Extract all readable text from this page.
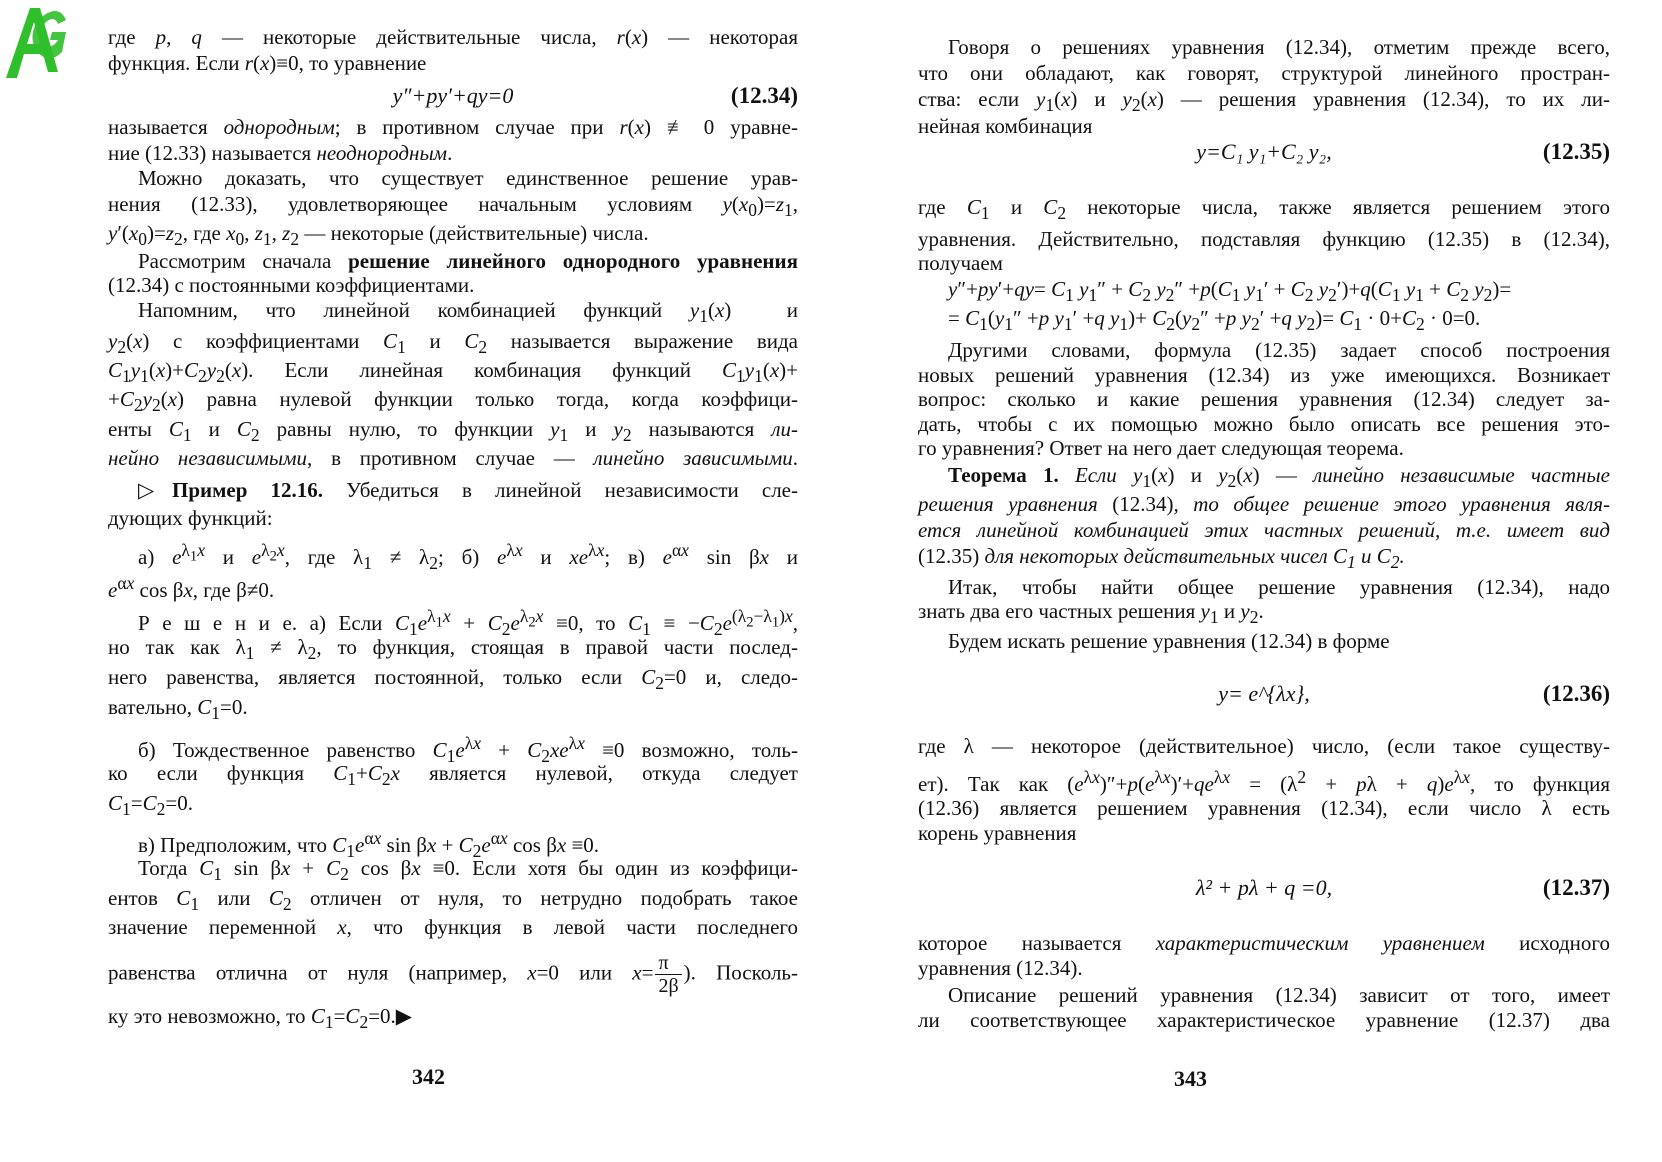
где p, q — некоторые действительные числа, r(x) — некоторая
функция. Если r(x)≡0, то уравнение
y″+py′+qy=0	(12.34)
называется однородным; в противном случае при r(x) ≢ 0 уравне-
ние (12.33) называется неоднородным.
Можно доказать, что существует единственное решение урав-
нения (12.33), удовлетворяющее начальным условиям $y(x_0)=z_1$,
$y'(x_0)=z_2$, где $x_0$, $z_1$, $z_2$ — некоторые (действительные) числа.
Рассмотрим сначала решение линейного однородного уравнения
(12.34) с постоянными коэффициентами.
Напомним, что линейной комбинацией функций $y_1(x)$  и
$y_2(x)$ с коэффициентами $C_1$ и $C_2$ называется выражение вида
$C_1y_1(x)+C_2y_2(x)$. Если линейная комбинация функций $C_1y_1(x)+$
$+C_2y_2(x)$ равна нулевой функции только тогда, когда коэффици-
енты $C_1$ и $C_2$ равны нулю, то функции $y_1$ и $y_2$ называются ли-
нейно независимыми, в противном случае — линейно зависимыми.
▷Пример 12.16. Убедиться в линейной независимости сле-
дующих функций:
а) $e^{\lambda_1x}$ и $e^{\lambda_2x}$, где $\lambda_1 \ne \lambda_2$; б) $e^{\lambda x}$ и $xe^{\lambda x}$; в) $e^{\alpha x}$ sin βx и
$e^{\alpha x}$ cos βx, где β≠0.
Р е ш е н и е. а) Если $C_1e^{\lambda_1x} + C_2e^{\lambda_2x} \equiv 0$, то $C_1 \equiv -C_2e^{(\lambda_2-\lambda_1)x}$,
но так как $\lambda_1 \ne \lambda_2$, то функция, стоящая в правой части послед-
него равенства, является постоянной, только если $C_2=0$ и, следо-
вательно, $C_1=0$.
б) Тождественное равенство $C_1e^{\lambda x} + C_2xe^{\lambda x} \equiv 0$ возможно, толь-
ко если функция $C_1+C_2x$ является нулевой, откуда следует
$C_1=C_2=0$.
в) Предположим, что $C_1e^{\alpha x}$ $\sin \beta x + C_2e^{\alpha x}$ cos βx ≡0.
Тогда $C_1$ $\sin \beta x + C_2$ cos βx ≡0. Если хотя бы один из коэффици-
ентов $C_1$ или $C_2$ отличен от нуля, то нетрудно подобрать такое
значение переменной x, что функция в левой части последнего
равенства отлична от нуля (например, x=0 или $x= \frac{\pi}{2\beta}$ ). Посколь-
ку это невозможно, то $C_1=C_2=0.▶$
342
Говоря о решениях уравнения (12.34), отметим прежде всего,
что они обладают, как говорят, структурой линейного простран-
ства: если $y_1(x)$ и $y_2(x)$ — решения уравнения (12.34), то их ли-
нейная комбинация
y=C₁ y₁+C₂ y₂,	(12.35)
где $C_1$ и $C_2$ некоторые числа, также является решением этого
уравнения. Действительно, подставляя функцию (12.35) в (12.34),
получаем
$y''+py'+qy= C_1$ $y_1'' + C_2$ $y_2'' +p(C_1$ $y_1' + C_2$ $y_2')+q(C_1$ $y_1 + C_2$ $y_2)=$
= $C_1(y_1'' +p$ $y_1' +q$ $y_1)+ C_2(y_2'' +p$ $y_2' +q$ $y_2)= C_1 \cdot 0+C_2 \cdot 0=0$.
Другими словами, формула (12.35) задает способ построения
новых решений уравнения (12.34) из уже имеющихся. Возникает
вопрос: сколько и какие решения уравнения (12.34) следует за-
дать, чтобы с их помощью можно было описать все решения это-
го уравнения? Ответ на него дает следующая теорема.
Теорема 1. Если $y_1(x)$ и $y_2(x)$ — линейно независимые частные
решения уравнения (12.34), то общее решение этого уравнения явля-
ется линейной комбинацией этих частных решений, т.е. имеет вид
(12.35) для некоторых действительных чисел $C_1$ и $C_2$.
Итак, чтобы найти общее решение уравнения (12.34), надо
знать два его частных решения $y_1$ и $y_2$.
Будем искать решение уравнения (12.34) в форме
y= e^{λx},	(12.36)
где λ — некоторое (действительное) число, (если такое существу-
ет). Так как $(e^{\lambda x})''+p(e^{\lambda x})'+qe^{\lambda x} = (\lambda^2 + p\lambda + q)e^{\lambda x}$, то функция
(12.36) является решением уравнения (12.34), если число λ есть
корень уравнения
λ² + pλ + q =0,	(12.37)
которое называется характеристическим уравнением исходного
уравнения (12.34).
Описание решений уравнения (12.34) зависит от того, имеет
ли соответствующее характеристическое уравнение (12.37) два
343
